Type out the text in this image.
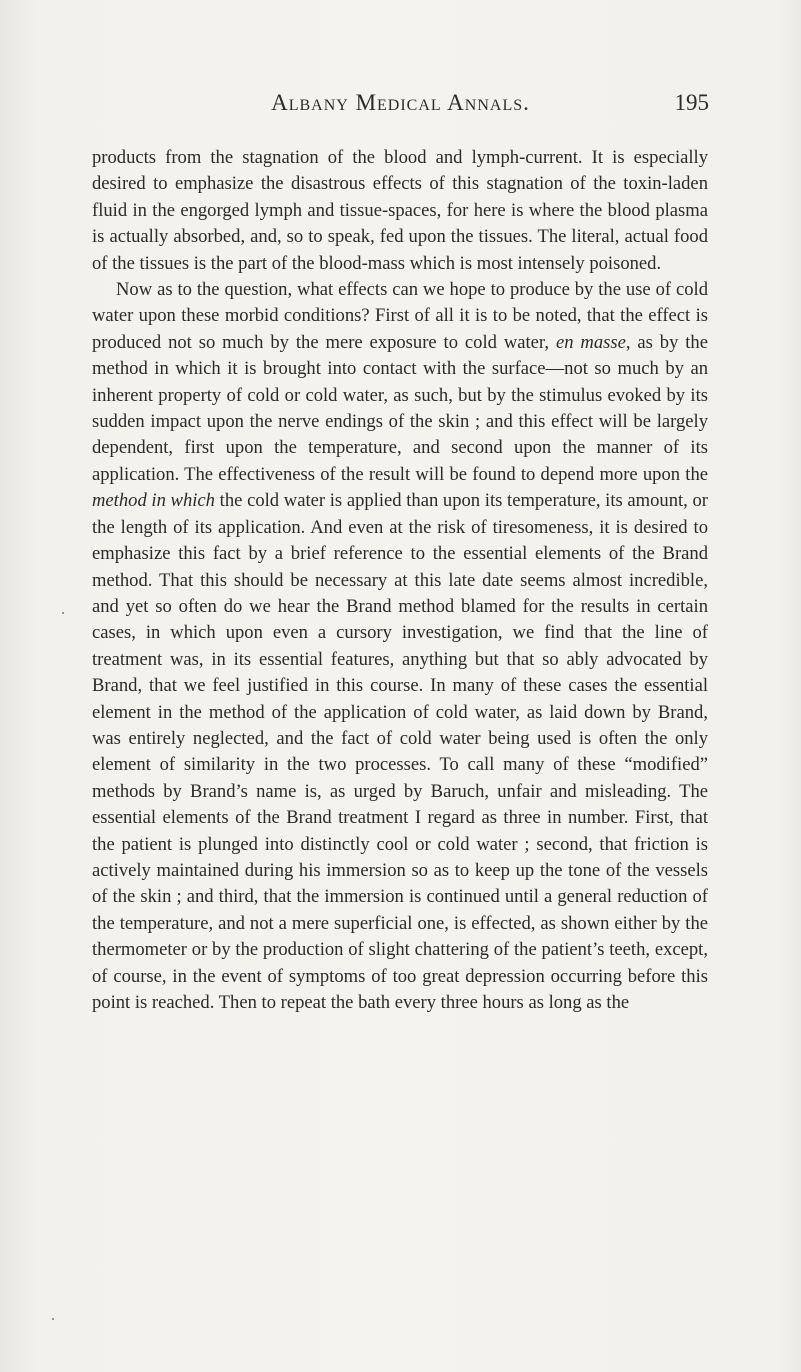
Albany Medical Annals.	195

products from the stagnation of the blood and lymph-current. It is especially desired to emphasize the disastrous effects of this stagnation of the toxin-laden fluid in the engorged lymph and tissue-spaces, for here is where the blood plasma is actually absorbed, and, so to speak, fed upon the tissues. The literal, actual food of the tissues is the part of the blood-mass which is most intensely poisoned.

Now as to the question, what effects can we hope to produce by the use of cold water upon these morbid conditions? First of all it is to be noted, that the effect is produced not so much by the mere exposure to cold water, en masse, as by the method in which it is brought into contact with the surface—not so much by an inherent property of cold or cold water, as such, but by the stimulus evoked by its sudden impact upon the nerve endings of the skin ; and this effect will be largely dependent, first upon the temperature, and second upon the manner of its application. The effectiveness of the result will be found to depend more upon the method in which the cold water is applied than upon its temperature, its amount, or the length of its application. And even at the risk of tiresomeness, it is desired to emphasize this fact by a brief reference to the essential elements of the Brand method. That this should be necessary at this late date seems almost incredible, and yet so often do we hear the Brand method blamed for the results in certain cases, in which upon even a cursory investigation, we find that the line of treatment was, in its essential features, anything but that so ably advocated by Brand, that we feel justified in this course. In many of these cases the essential element in the method of the application of cold water, as laid down by Brand, was entirely neglected, and the fact of cold water being used is often the only element of similarity in the two processes. To call many of these “modified” methods by Brand’s name is, as urged by Baruch, unfair and misleading. The essential elements of the Brand treatment I regard as three in number. First, that the patient is plunged into distinctly cool or cold water ; second, that friction is actively maintained during his immersion so as to keep up the tone of the vessels of the skin ; and third, that the immersion is continued until a general reduction of the temperature, and not a mere superficial one, is effected, as shown either by the thermometer or by the production of slight chattering of the patient’s teeth, except, of course, in the event of symptoms of too great depression occurring before this point is reached. Then to repeat the bath every three hours as long as the
